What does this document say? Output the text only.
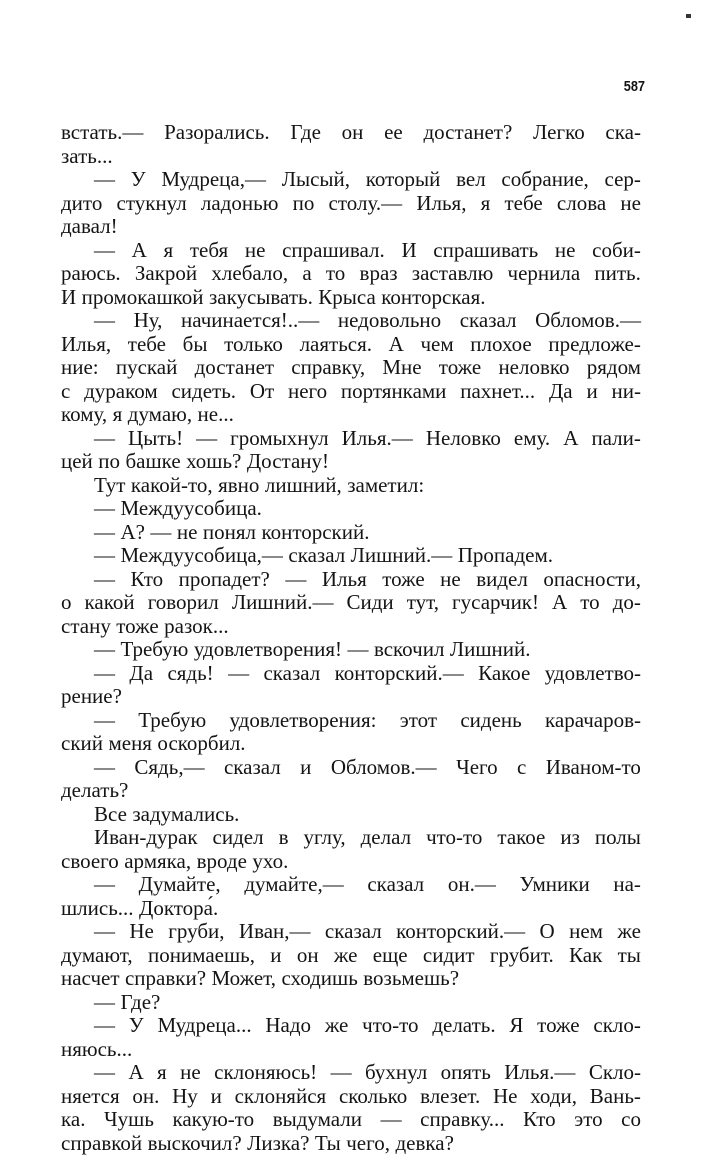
587
встать.— Разорались. Где он ее достанет? Легко ска-
зать...
— У Мудреца,— Лысый, который вел собрание, сер-
дито стукнул ладонью по столу.— Илья, я тебе слова не
давал!
— А я тебя не спрашивал. И спрашивать не соби-
раюсь. Закрой хлебало, а то враз заставлю чернила пить.
И промокашкой закусывать. Крыса конторская.
— Ну, начинается!..— недовольно сказал Обломов.—
Илья, тебе бы только лаяться. А чем плохое предложе-
ние: пускай достанет справку, Мне тоже неловко рядом
с дураком сидеть. От него портянками пахнет... Да и ни-
кому, я думаю, не...
— Цыть! — громыхнул Илья.— Неловко ему. А пали-
цей по башке хошь? Достану!
Тут какой-то, явно лишний, заметил:
— Междуусобица.
— А? — не понял конторский.
— Междуусобица,— сказал Лишний.— Пропадем.
— Кто пропадет? — Илья тоже не видел опасности,
о какой говорил Лишний.— Сиди тут, гусарчик! А то до-
стану тоже разок...
— Требую удовлетворения! — вскочил Лишний.
— Да сядь! — сказал конторский.— Какое удовлетво-
рение?
— Требую удовлетворения: этот сидень карачаров-
ский меня оскорбил.
— Сядь,— сказал и Обломов.— Чего с Иваном-то
делать?
Все задумались.
Иван-дурак сидел в углу, делал что-то такое из полы
своего армяка, вроде ухо.
— Думайте, думайте,— сказал он.— Умники на-
шлись... Доктора́.
— Не груби, Иван,— сказал конторский.— О нем же
думают, понимаешь, и он же еще сидит грубит. Как ты
насчет справки? Может, сходишь возьмешь?
— Где?
— У Мудреца... Надо же что-то делать. Я тоже скло-
няюсь...
— А я не склоняюсь! — бухнул опять Илья.— Скло-
няется он. Ну и склоняйся сколько влезет. Не ходи, Вань-
ка. Чушь какую-то выдумали — справку... Кто это со
справкой выскочил? Лизка? Ты чего, девка?
